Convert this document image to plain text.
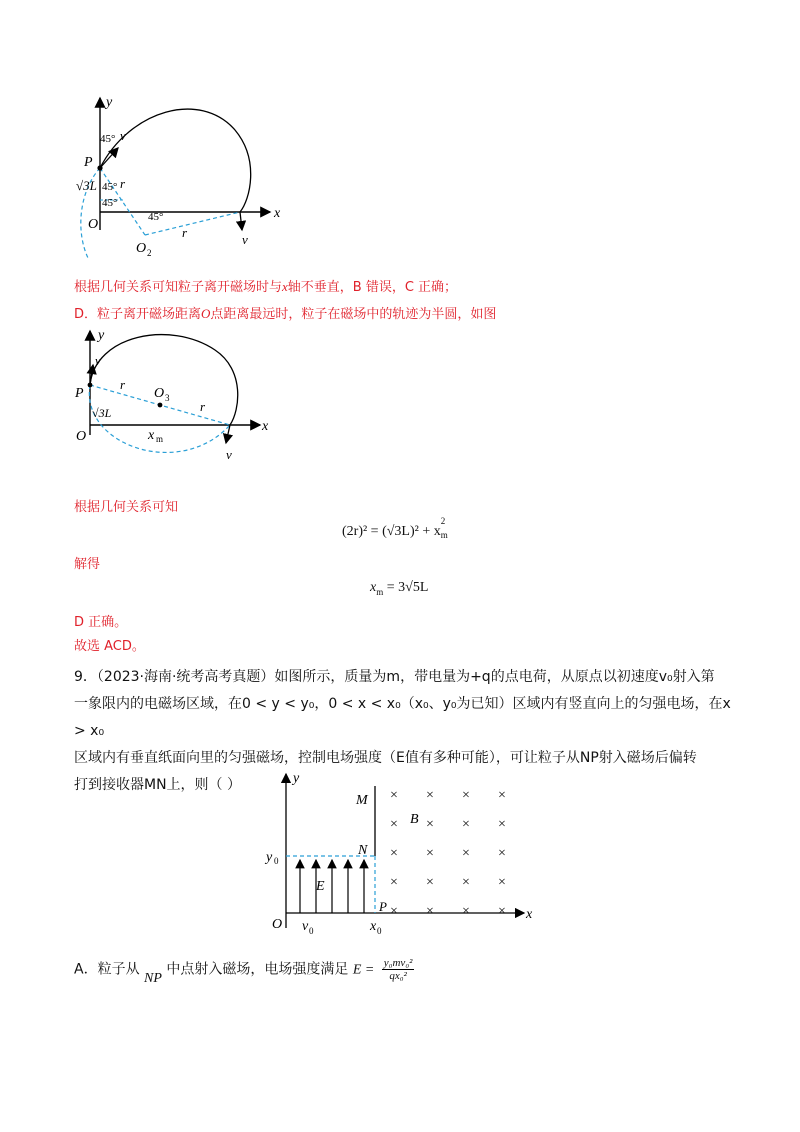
y
x
O
P
45° v
√3L 45° r
45°
45°
r
O 2
v
根据几何关系可知粒子离开磁场时与x轴不垂直，B 错误，C 正确；
D．粒子离开磁场距离O点距离最远时，粒子在磁场中的轨迹为半圆，如图
y
x
O
P
v
r
O 3
r
√3L
x m
v
根据几何关系可知
(2r)² = (√3L)² + x
2
m
解得
$x_m = 3√5L$
D 正确。
故选 ACD。
9．（2023·海南·统考高考真题）如图所示，质量为m，带电量为+q的点电荷，从原点以初速度v₀射入第
一象限内的电磁场区域，在0 < y < y₀，0 < x < x₀（x₀、y₀为已知）区域内有竖直向上的匀强电场，在x > x₀
区域内有垂直纸面向里的匀强磁场，控制电场强度（E值有多种可能），可让粒子从NP射入磁场后偏转
打到接收器MN上，则（ ）
× × × ×
× × × ×
× × × ×
× × × ×
× × × ×
y
x
O
M
N
P
B
E
y 0
v 0	x 0
A．粒子从 NP 中点射入磁场，电场强度满足 $E = \frac{\text{y₀mv₀²}}{\text{qx₀²}}$
